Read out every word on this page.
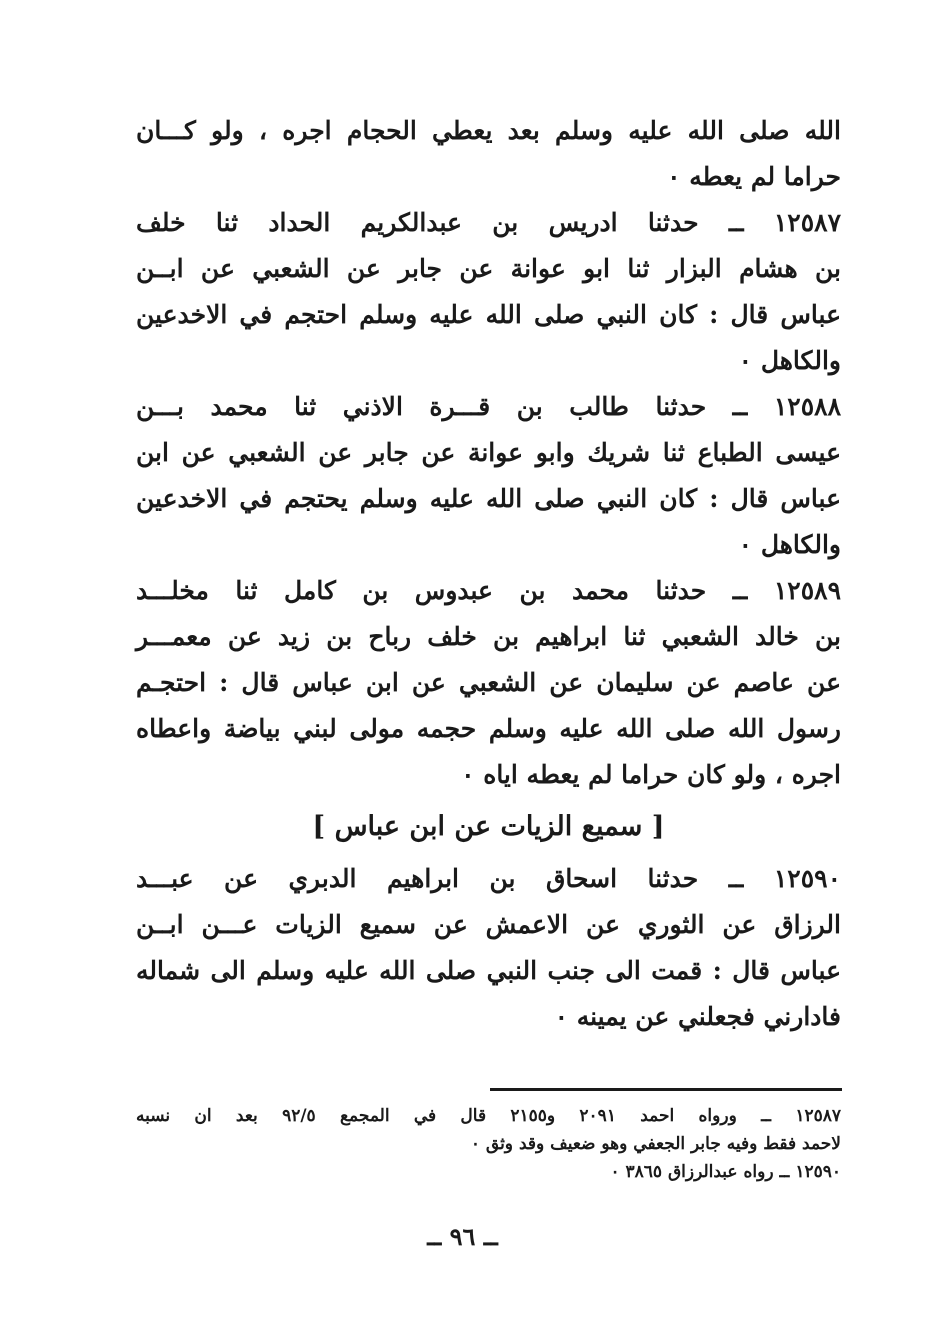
الله صلى الله عليه وسلم بعد يعطي الحجام اجره ، ولو كـــان
حراما لم يعطه ٠
١٢٥٨٧ ــ حدثنا ادريس بن عبدالكريم الحداد ثنا خلف
بن هشام البزار ثنا ابو عوانة عن جابر عن الشعبي عن ابــن
عباس قال : كان النبي صلى الله عليه وسلم احتجم في الاخدعين
والكاهل ٠
١٢٥٨٨ ــ حدثنا طالب بن قـــرة الاذني ثنا محمد بـــن
عيسى الطباع ثنا شريك وابو عوانة عن جابر عن الشعبي عن ابن
عباس قال : كان النبي صلى الله عليه وسلم يحتجم في الاخدعين
والكاهل ٠
١٢٥٨٩ ــ حدثنا محمد بن عبدوس بن كامل ثنا مخلـــد
بن خالد الشعبي ثنا ابراهيم بن خلف رباح بن زيد عن معمـــر
عن عاصم عن سليمان عن الشعبي عن ابن عباس قال : احتجـم
رسول الله صلى الله عليه وسلم حجمه مولى لبني بياضة واعطاه
اجره ، ولو كان حراما لم يعطه اياه ٠
[ سميع الزيات عن ابن عباس ]
١٢٥٩٠ ــ حدثنا اسحاق بن ابراهيم الدبري عن عبـــد
الرزاق عن الثوري عن الاعمش عن سميع الزيات عـــن ابــن
عباس قال : قمت الى جنب النبي صلى الله عليه وسلم الى شماله
فادارني فجعلني عن يمينه ٠
١٢٥٨٧ ــ ورواه احمد ٢٠٩١ و٢١٥٥ قال في المجمع ٩٢/٥ بعد ان نسبه
لاحمد فقط وفيه جابر الجعفي وهو ضعيف وقد وثق ٠
١٢٥٩٠ ــ رواه عبدالرزاق ٣٨٦٥ ٠
ــ ٩٦ ــ
